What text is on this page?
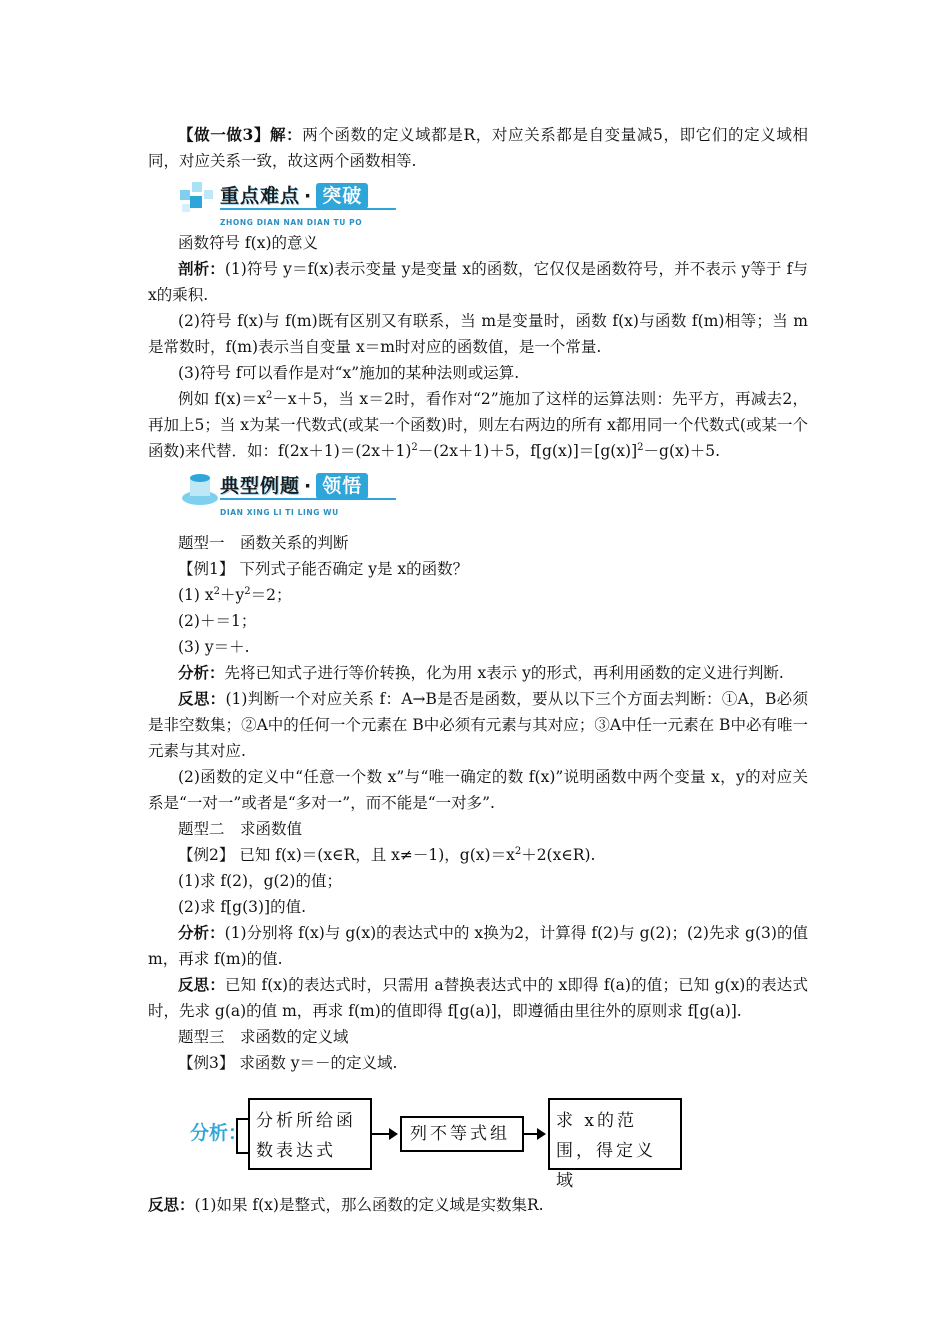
【做一做3】解：两个函数的定义域都是R，对应关系都是自变量减5，即它们的定义域相同，对应关系一致，故这两个函数相等.

重点难点 · 突破
ZHONG DIAN NAN DIAN TU PO

函数符号 f(x)的意义

剖析：(1)符号 y＝f(x)表示变量 y是变量 x的函数，它仅仅是函数符号，并不表示 y等于 f与 x的乘积.

(2)符号 f(x)与 f(m)既有区别又有联系，当 m是变量时，函数 f(x)与函数 f(m)相等；当 m是常数时，f(m)表示当自变量 x＝m时对应的函数值，是一个常量.

(3)符号 f可以看作是对“x”施加的某种法则或运算.

例如 $f(x)=x^2-x+5$，当 x＝2时，看作对“2”施加了这样的运算法则：先平方，再减去2，再加上5；当 x为某一代数式(或某一个函数)时，则左右两边的所有 x都用同一个代数式(或某一个函数)来代替．如：$f(2x+1)=(2x+1)^2-(2x+1)+5$，$f[g(x)]=[g(x)]^2-g(x)+5$.

典型例题 · 领悟
DIAN XING LI TI LING WU

题型一　函数关系的判断

【例1】 下列式子能否确定 y是 x的函数？

(1) $x^2+y^2=2$；

(2)＋＝1；

(3) y＝＋.

分析：先将已知式子进行等价转换，化为用 x表示 y的形式，再利用函数的定义进行判断.

反思：(1)判断一个对应关系 f：A→B是否是函数，要从以下三个方面去判断：①A，B必须是非空数集；②A中的任何一个元素在 B中必须有元素与其对应；③A中任一元素在 B中必有唯一元素与其对应.

(2)函数的定义中“任意一个数 x”与“唯一确定的数 f(x)”说明函数中两个变量 x，y的对应关系是“一对一”或者是“多对一”，而不能是“一对多”.

题型二　求函数值

【例2】 已知 f(x)＝(x∈R，且 x≠－1)，$g(x)=x^2+2(x\in R)$.

(1)求 f(2)，g(2)的值；

(2)求 f[g(3)]的值.

分析：(1)分别将 f(x)与 g(x)的表达式中的 x换为2，计算得 f(2)与 g(2)；(2)先求 g(3)的值 m，再求 f(m)的值.

反思：已知 f(x)的表达式时，只需用 a替换表达式中的 x即得 f(a)的值；已知 g(x)的表达式时，先求 g(a)的值 m，再求 f(m)的值即得 f[g(a)]，即遵循由里往外的原则求 f[g(a)].

题型三　求函数的定义域

【例3】 求函数 y＝－的定义域.

分析：
分析所给函数表达式
列不等式组
求 x的范围，得定义域

反思：(1)如果 f(x)是整式，那么函数的定义域是实数集R.
